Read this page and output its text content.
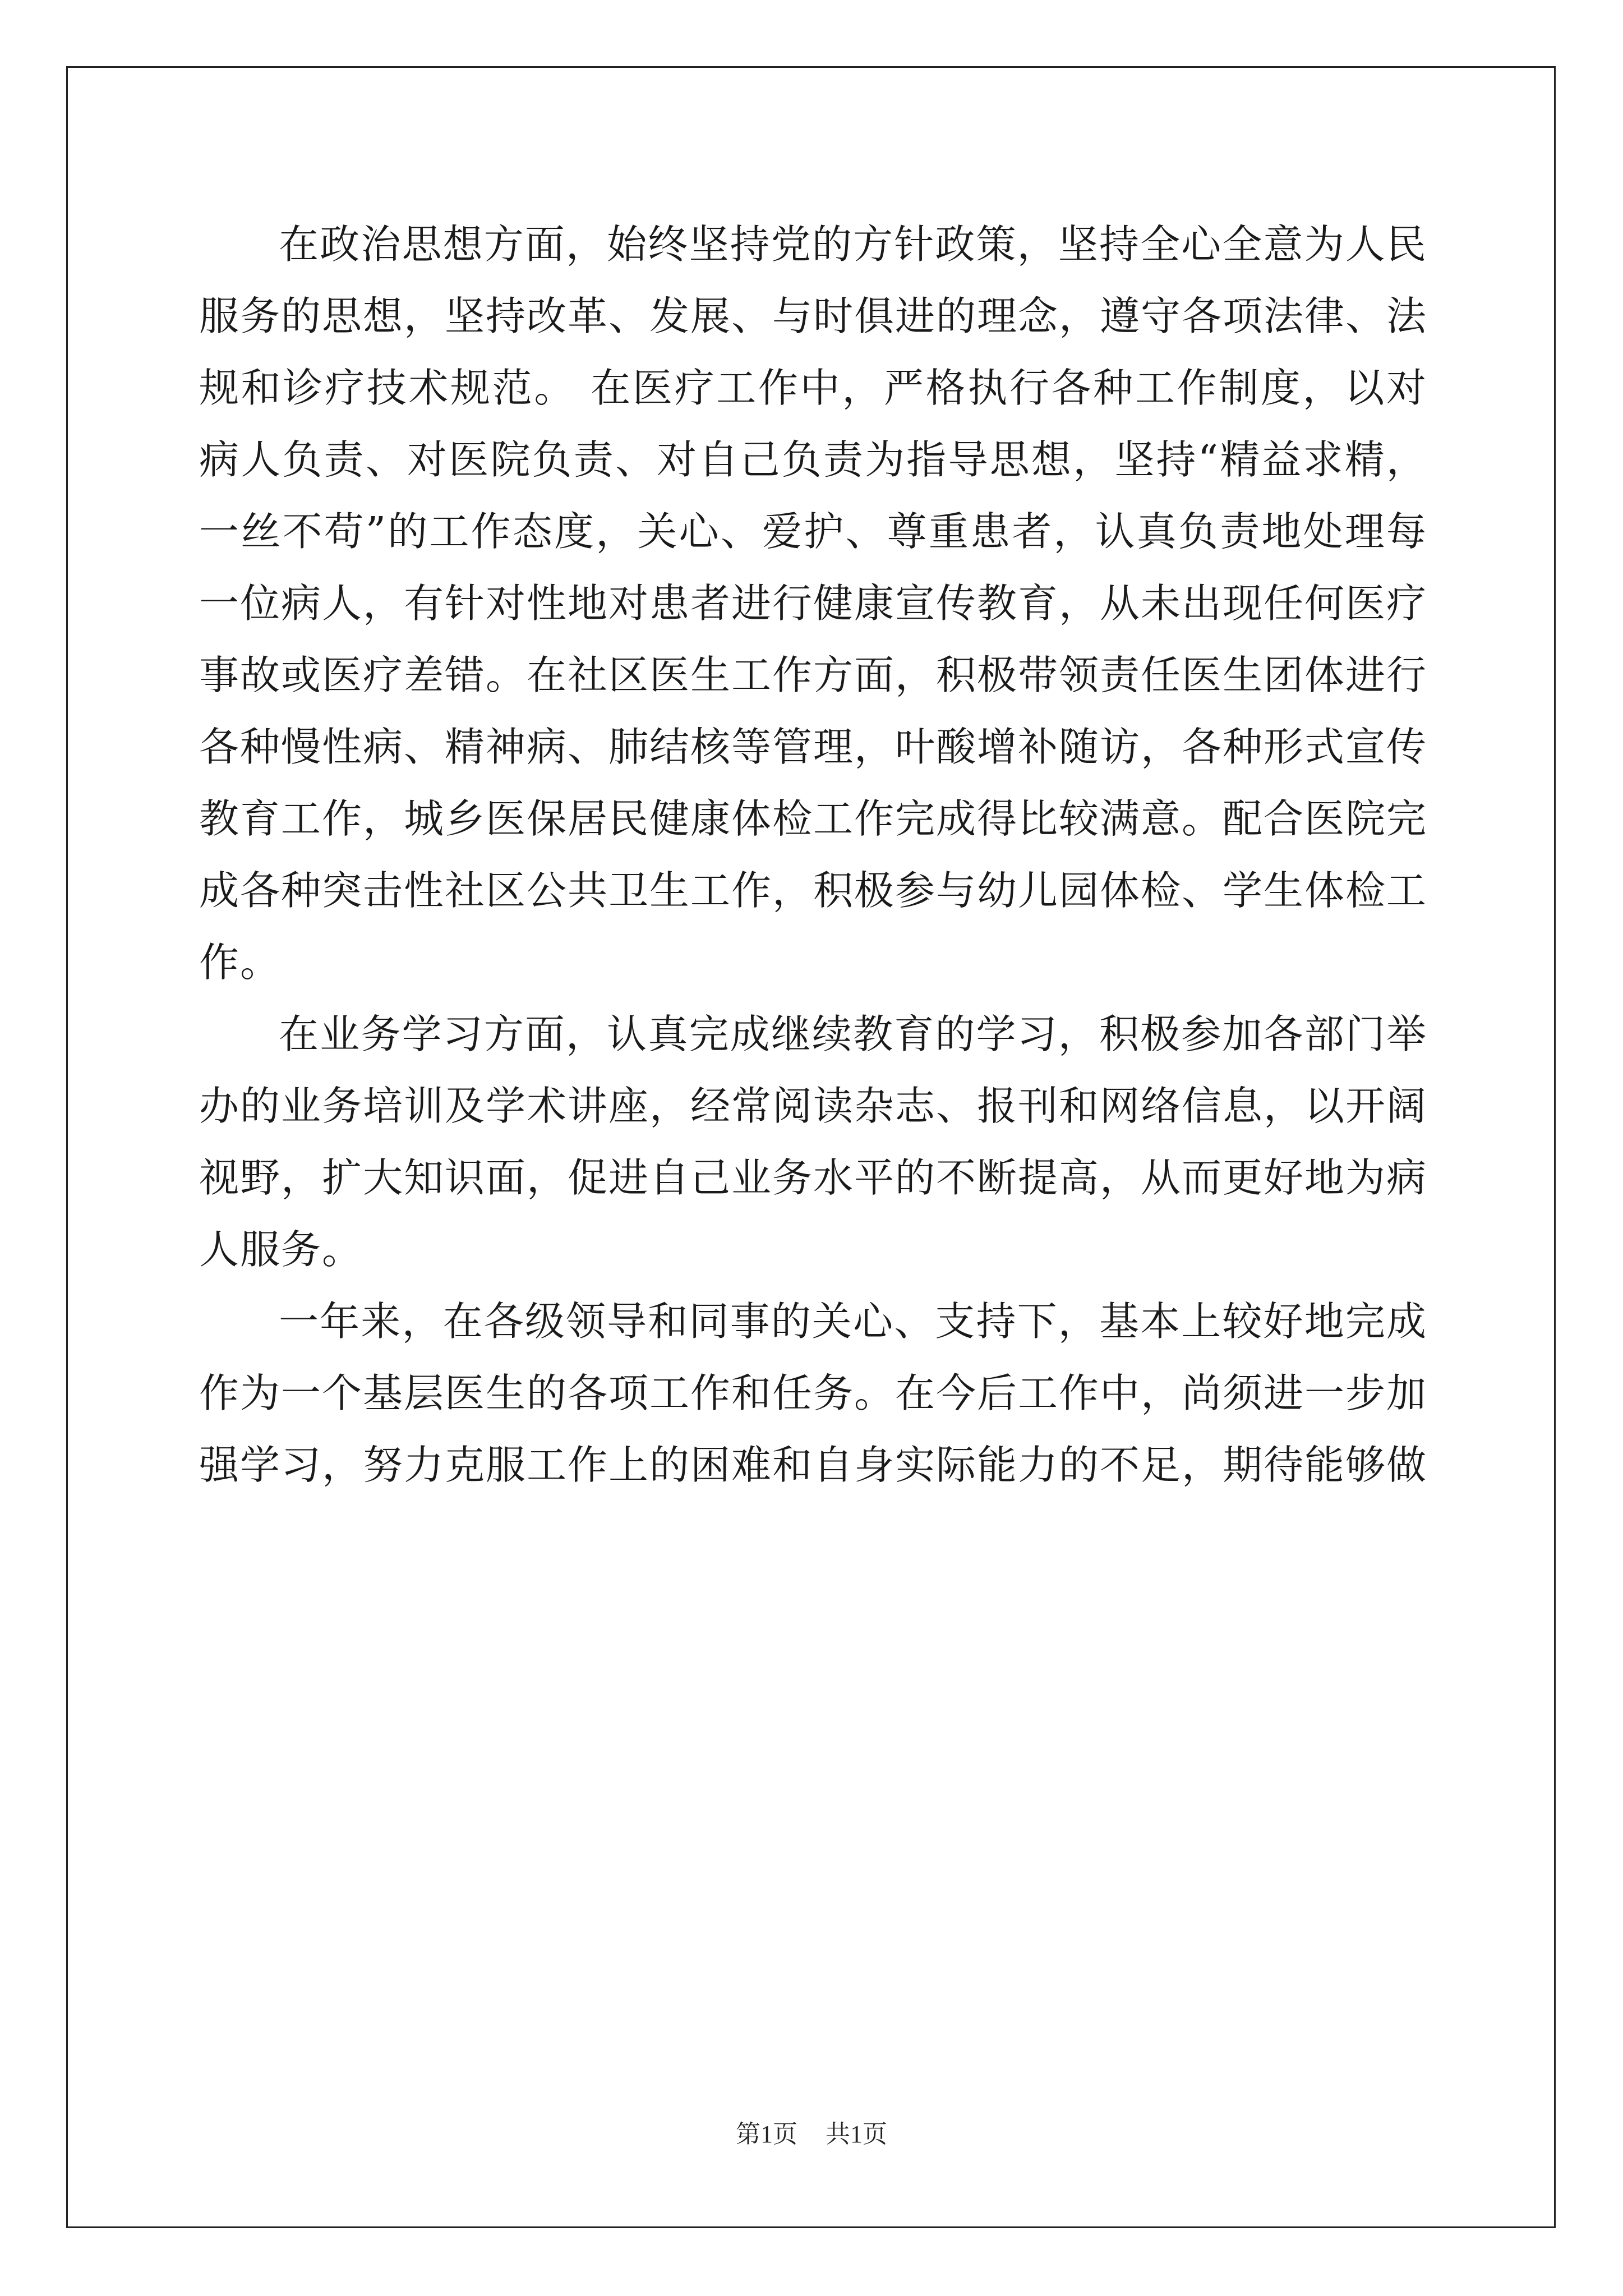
在政治思想方面，始终坚持党的方针政策，坚持全心全意为人民服务的思想，坚持改革、发展、与时俱进的理念，遵守各项法律、法规和诊疗技术规范。 在医疗工作中，严格执行各种工作制度，以对病人负责、对医院负责、对自己负责为指导思想，坚持“精益求精，一丝不苟”的工作态度，关心、爱护、尊重患者，认真负责地处理每一位病人，有针对性地对患者进行健康宣传教育，从未出现任何医疗事故或医疗差错。在社区医生工作方面，积极带领责任医生团体进行各种慢性病、精神病、肺结核等管理，叶酸增补随访，各种形式宣传教育工作，城乡医保居民健康体检工作完成得比较满意。配合医院完成各种突击性社区公共卫生工作，积极参与幼儿园体检、学生体检工作。

在业务学习方面，认真完成继续教育的学习，积极参加各部门举办的业务培训及学术讲座，经常阅读杂志、报刊和网络信息，以开阔视野，扩大知识面，促进自己业务水平的不断提高，从而更好地为病人服务。

一年来，在各级领导和同事的关心、支持下，基本上较好地完成作为一个基层医生的各项工作和任务。在今后工作中，尚须进一步加强学习，努力克服工作上的困难和自身实际能力的不足，期待能够做

第1页 共1页
